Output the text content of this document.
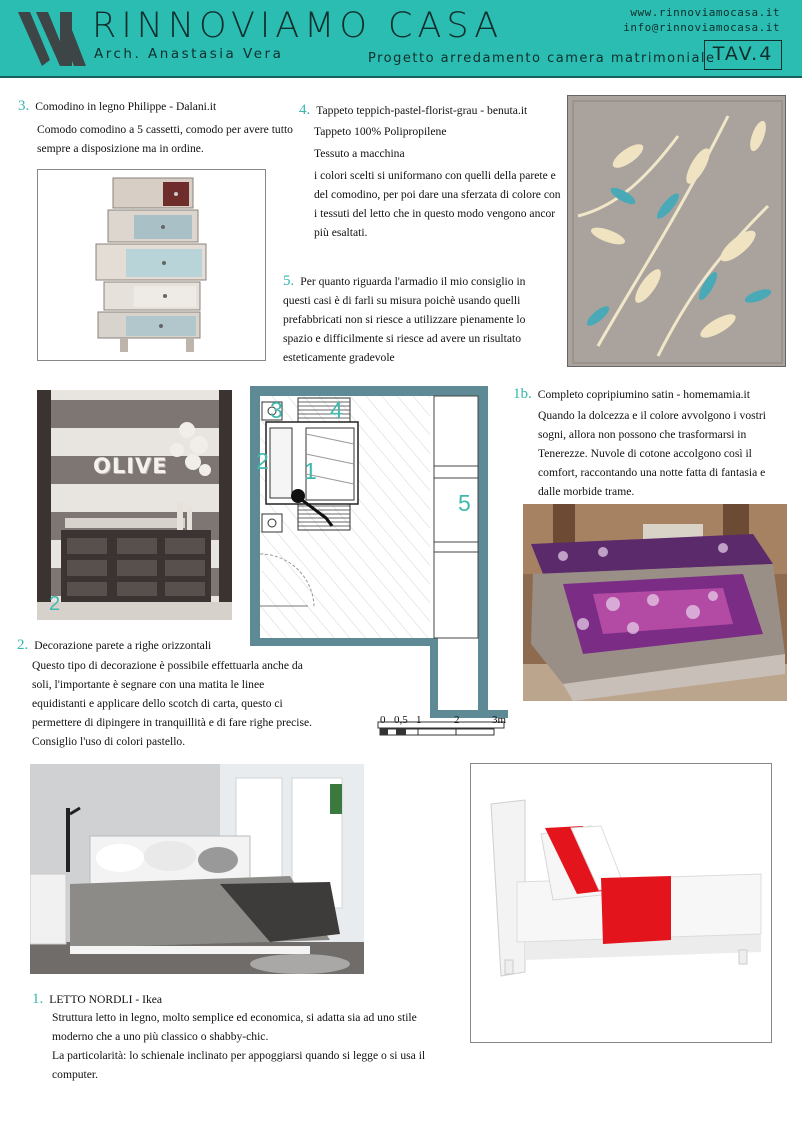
RINNOVIAMO CASA
Arch. Anastasia Vera
www.rinnoviamocasa.it
info@rinnoviamocasa.it
Progetto arredamento camera matrimoniale
TAV.4
3. Comodino in legno Philippe - Dalani.it
Comodo comodino a 5 cassetti, comodo per avere tutto sempre a disposizione ma in ordine.
4. Tappeto teppich-pastel-florist-grau - benuta.it
Tappeto 100% Polipropilene
Tessuto a macchina
i colori scelti si uniformano con quelli della parete e del comodino, per poi dare una sferzata di colore con i tessuti del letto che in questo modo vengono ancor più esaltati.
5. Per quanto riguarda l'armadio il mio consiglio in questi casi è di farli su misura poichè usando quelli prefabbricati non si riesce a utilizzare pienamente lo spazio e difficilmente si riesce ad avere un risultato esteticamente gradevole
OLIVE
2
3 4
2 1
5
0 0,5 1	2	3m
1b. Completo copripiumino satin - homemamia.it
Quando la dolcezza e il colore avvolgono i vostri sogni, allora non possono che trasformarsi in Tenerezze. Nuvole di cotone accolgono così il comfort, raccontando una notte fatta di fantasia e dalle morbide trame.
2. Decorazione parete a righe orizzontali
Questo tipo di decorazione è possibile effettuarla anche da soli, l'importante è segnare con una matita le linee equidistanti e applicare dello scotch di carta, questo ci permettere di dipingere in tranquillità e di fare righe precise. Consiglio l'uso di colori pastello.
1. LETTO NORDLI - Ikea
Struttura letto in legno, molto semplice ed economica, si adatta sia ad uno stile moderno che a uno più classico o shabby-chic.
La particolarità: lo schienale inclinato per appoggiarsi quando si legge o si usa il computer.
